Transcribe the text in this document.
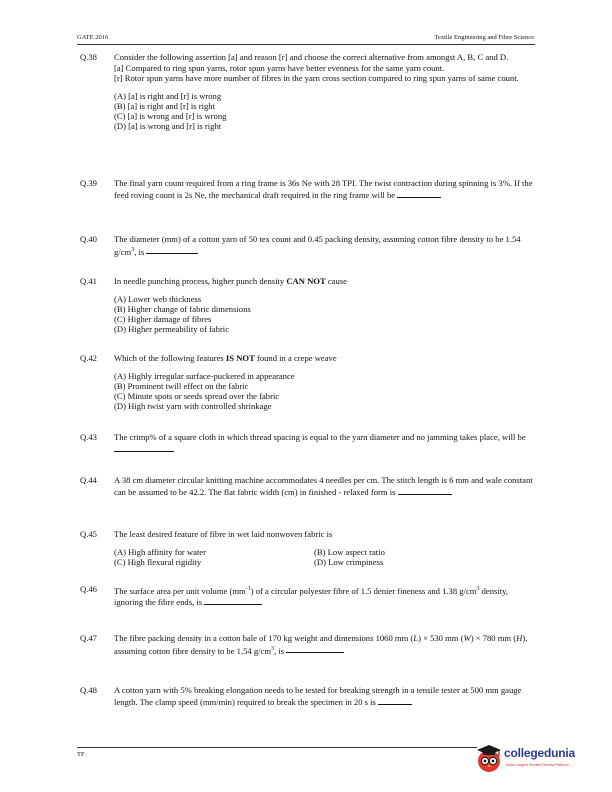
GATE 2016	Textile Engineering and Fibre Science
Q.38	Consider the following assertion [a] and reason [r] and choose the correct alternative from amongst A, B, C and D.

[a] Compared to ring spun yarns, rotor spun yarns have better evenness for the same yarn count.

[r] Rotor spun yarns have more number of fibres in the yarn cross section compared to ring spun yarns of same count.

(A) [a] is right and [r] is wrong
(B) [a] is right and [r] is right
(C) [a] is wrong and [r] is wrong
(D) [a] is wrong and [r] is right
Q.39	The final yarn count required from a ring frame is 36s Ne with 28 TPI. The twist contraction during spinning is 3%. If the feed roving count is 2s Ne, the mechanical draft required in the ring frame will be

Q.40	The diameter (mm) of a cotton yarn of 50 tex count and 0.45 packing density, assuming cotton fibre density to be 1.54 $g/cm^3$, is

Q.41	In needle punching process, higher punch density CAN NOT cause

(A) Lower web thickness
(B) Higher change of fabric dimensions
(C) Higher damage of fibres
(D) Higher permeability of fabric
Q.42	Which of the following features IS NOT found in a crepe weave

(A) Highly irregular surface-puckered in appearance
(B) Prominent twill effect on the fabric
(C) Minute spots or seeds spread over the fabric
(D) High twist yarn with controlled shrinkage
Q.43	The crimp% of a square cloth in which thread spacing is equal to the yarn diameter and no jamming takes place, will be

Q.44	A 38 cm diameter circular knitting machine accommodates 4 needles per cm. The stitch length is 6 mm and wale constant can be assumed to be 42.2. The flat fabric width (cm) in finished - relaxed form is

Q.45	The least desired feature of fibre in wet laid nonwoven fabric is

(A) High affinity for water	(B) Low aspect ratio
(C) High flexural rigidity	(D) Low crimpiness
Q.46	The surface area per unit volume $(mm^{-1})$ of a circular polyester fibre of 1.5 denier fineness and 1.38 $g/cm^3$ density, ignoring the fibre ends, is

Q.47	The fibre packing density in a cotton bale of 170 kg weight and dimensions 1060 mm (L) × 530 mm (W) × 780 mm (H), assuming cotton fibre density to be 1.54 $g/cm^3$, is

Q.48	A cotton yarn with 5% breaking elongation needs to be tested for breaking strength in a tensile tester at 500 mm gauge length. The clamp speed (mm/min) required to break the specimen in 20 s is

TF	collegedunia
India's largest Student Review Platform
